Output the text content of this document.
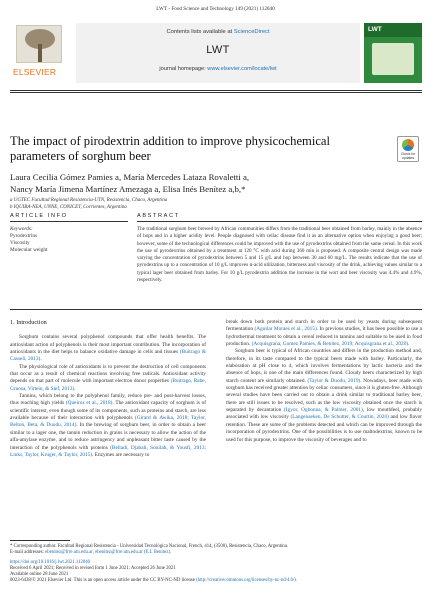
LWT - Food Science and Technology 149 (2021) 112040
ELSEVIER
Contents lists available at ScienceDirect
LWT
journal homepage: www.elsevier.com/locate/lwt
LWT
The impact of pirodextrin addition to improve physicochemical parameters of sorghum beer	Check for updates
Laura Cecilia Gómez Pamies a, María Mercedes Lataza Rovaletti a,
Nancy María Jimena Martínez Amezaga a, Elisa Inés Benítez a,b,*
a UGTEC Facultad Regional Resistencia-UTN, Resistencia, Chaco, Argentina
b IQUIBA-NEA, UNNE, CONICET, Corrientes, Argentina
ARTICLE INFO	ABSTRACT
Keywords:
Pyrodextrins
Viscosity
Molecular weight
The traditional sorghum beer brewed by African communities differs from the traditional beer obtained from barley, mainly in the absence of hops and in a higher acidity level. People diagnosed with celiac disease find it as an alternative option when enjoying a good beer; however, some of the technological differences could be improved with the use of pyrodextrins obtained from the same cereal. In this work the use of pyrodextrins obtained by a treatment at 120 °C with acid during 360 min is proposed. A composite central design was made varying the concentration of pyrodextrins between 5 and 15 g/L and hop between 30 and 60 mg/L. The results indicate that the use of pyrodextrins up to a concentration of 10 g/L improves α-acid utilization, bitterness and viscosity of the drink, achieving values similar to a typical lager beer obtained from barley. For 10 g/L pyrodextrin addition the increase in the wort and beer viscosity was 4.4% and 4.9%, respectively.

1. Introduction

Sorghum contains several polyphenol compounds that offer health benefits. The antioxidant action of polyphenols is their most important contribution. The incorporation of antioxidants in the diet helps to balance oxidative damage in cells and tissues (Buitrago & Casseli, 2013).

The physiological role of antioxidants is to prevent the destruction of cell components that occur as a result of chemical reactions involving free radicals. Antioxidant activity depends on that part of molecule with important electron donor properties (Buitrago, Rabe, Gruosa, Virtein, & Sief, 2013).

Tannins, which belong to the polyphenol family, reduce pre- and post-harvest losses, thus reaching high yields (Queiroz et al., 2018). The antioxidant capacity of sorghum is of scientific interest, even though some of its components, such as proteins and starch, are less available because of their interaction with polyphenols (Girard & Awika, 2018; Taylor, Belton, Beta, & Duodu, 2014). In the brewing of sorghum beer, in order to obtain a beer similar to a lager one, the tannin reduction in grains is necessary to allow the action of the alfa-amylase enzyme, and to reduce astringency and unpleasant bitter taste caused by the interaction of the polyphenols with proteins (Belladi, Djabali, Souilah, & Yousfi, 2013; Links, Taylor, Kruger, & Taylor, 2015). Enzymes are necessary to

break down both protein and starch in order to be used by yeasts during subsequent fermentation (Aguilar Moraes et al., 2015). In previous studies, it has been possible to use a hydrothermal treatment to obtain a cereal reduced in tannins and suitable to be used in food production. (Acquisgrana, Gomez Pamies, & Benitez, 2019; Acquisgrana et al., 2020).

Sorghum beer is typical of African countries and differs in the production method and, therefore, in its taste compared to the typical beers made with barley. Particularly, the elaboration at pH close to 4, which involves fermentations by lactic bacteria and the absence of hops, is one of the main differences found. Cloudy beers characterized by high starch content are similarly obtained. (Taylor & Duodu, 2019). Nowadays, beer made with sorghum has received greater attention by celiac consumers, since it is gluten-free. Although several studies have been carried out to obtain a drink similar to traditional barley beer, there are still issues to be resolved, such as the low viscosity obtained once the starch is separated by decantation (Igyor, Ogbonna, & Palmer, 2001), low mouthfeel, probably associated with low viscosity (Langenaeken, De Schutter, & Courtin, 2020) and low flavor retention. These are some of the problems detected and which can be improved through the incorporation of pyrodextrins. One of the possibilities is to use maltodextrins, known to be used for this purpose, to improve the viscosity of beverages and to

* Corresponding author. Facultad Regional Resistencia - Universidad Tecnológica Nacional, French, 414, (3500), Resistencia, Chaco, Argentina.
E-mail addresses: ebenitez@frre.utn.edu.ar, ebenitez@frre.utn.edu.ar (E.I. Benítez).
https://doi.org/10.1016/j.lwt.2021.112040
Received 6 April 2021; Received in revised form 1 June 2021; Accepted 26 June 2021
Available online 28 June 2021
0023-6438/© 2021 Elsevier Ltd. This is an open access article under the CC BY-NC-ND license (http://creativecommons.org/licenses/by-nc-nd/4.0/).
